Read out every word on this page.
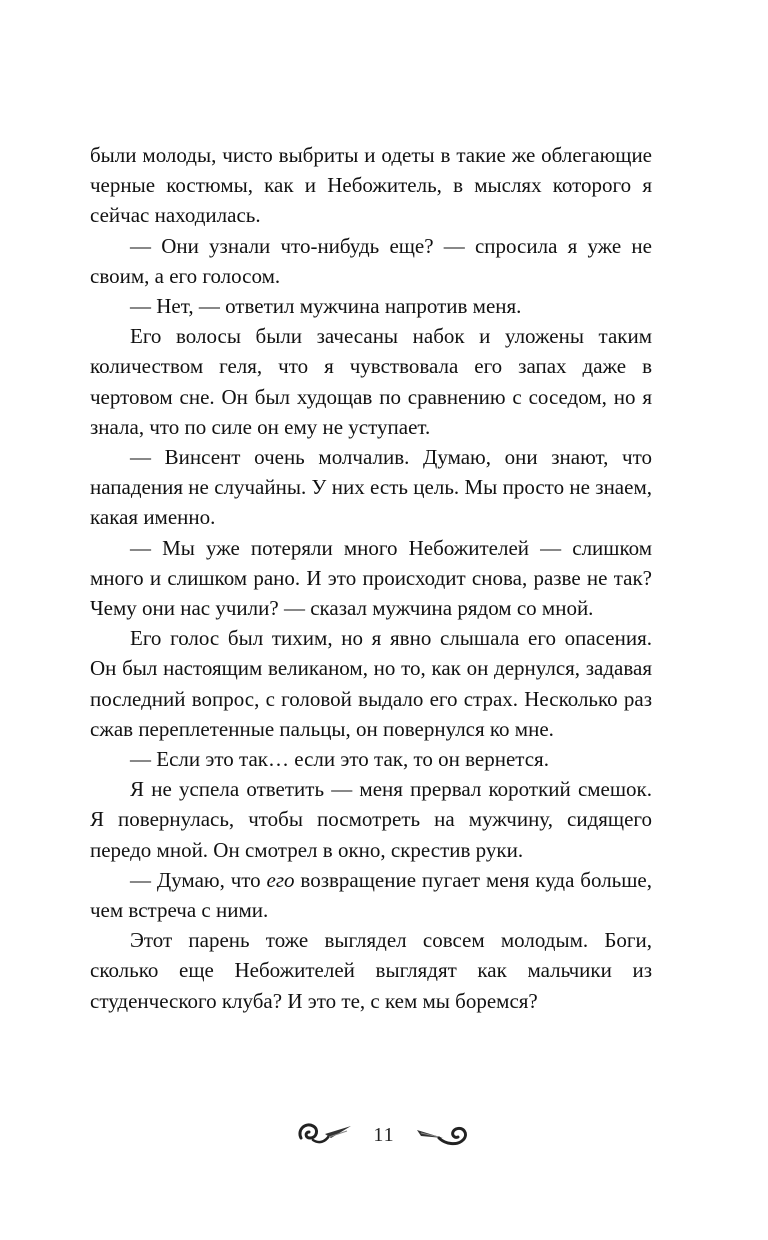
были молоды, чисто выбриты и одеты в такие же облегающие черные костюмы, как и Небожитель, в мыслях которого я сейчас находилась.

— Они узнали что-нибудь еще? — спросила я уже не своим, а его голосом.

— Нет, — ответил мужчина напротив меня.

Его волосы были зачесаны набок и уложены таким количеством геля, что я чувствовала его запах даже в чертовом сне. Он был худощав по сравнению с соседом, но я знала, что по силе он ему не уступает.

— Винсент очень молчалив. Думаю, они знают, что нападения не случайны. У них есть цель. Мы просто не знаем, какая именно.

— Мы уже потеряли много Небожителей — слишком много и слишком рано. И это происходит снова, разве не так? Чему они нас учили? — сказал мужчина рядом со мной.

Его голос был тихим, но я явно слышала его опасения. Он был настоящим великаном, но то, как он дернулся, задавая последний вопрос, с головой выдало его страх. Несколько раз сжав переплетенные пальцы, он повернулся ко мне.

— Если это так… если это так, то он вернется.

Я не успела ответить — меня прервал короткий смешок. Я повернулась, чтобы посмотреть на мужчину, сидящего передо мной. Он смотрел в окно, скрестив руки.

— Думаю, что его возвращение пугает меня куда больше, чем встреча с ними.

Этот парень тоже выглядел совсем молодым. Боги, сколько еще Небожителей выглядят как мальчики из студенческого клуба? И это те, с кем мы боремся?

11
